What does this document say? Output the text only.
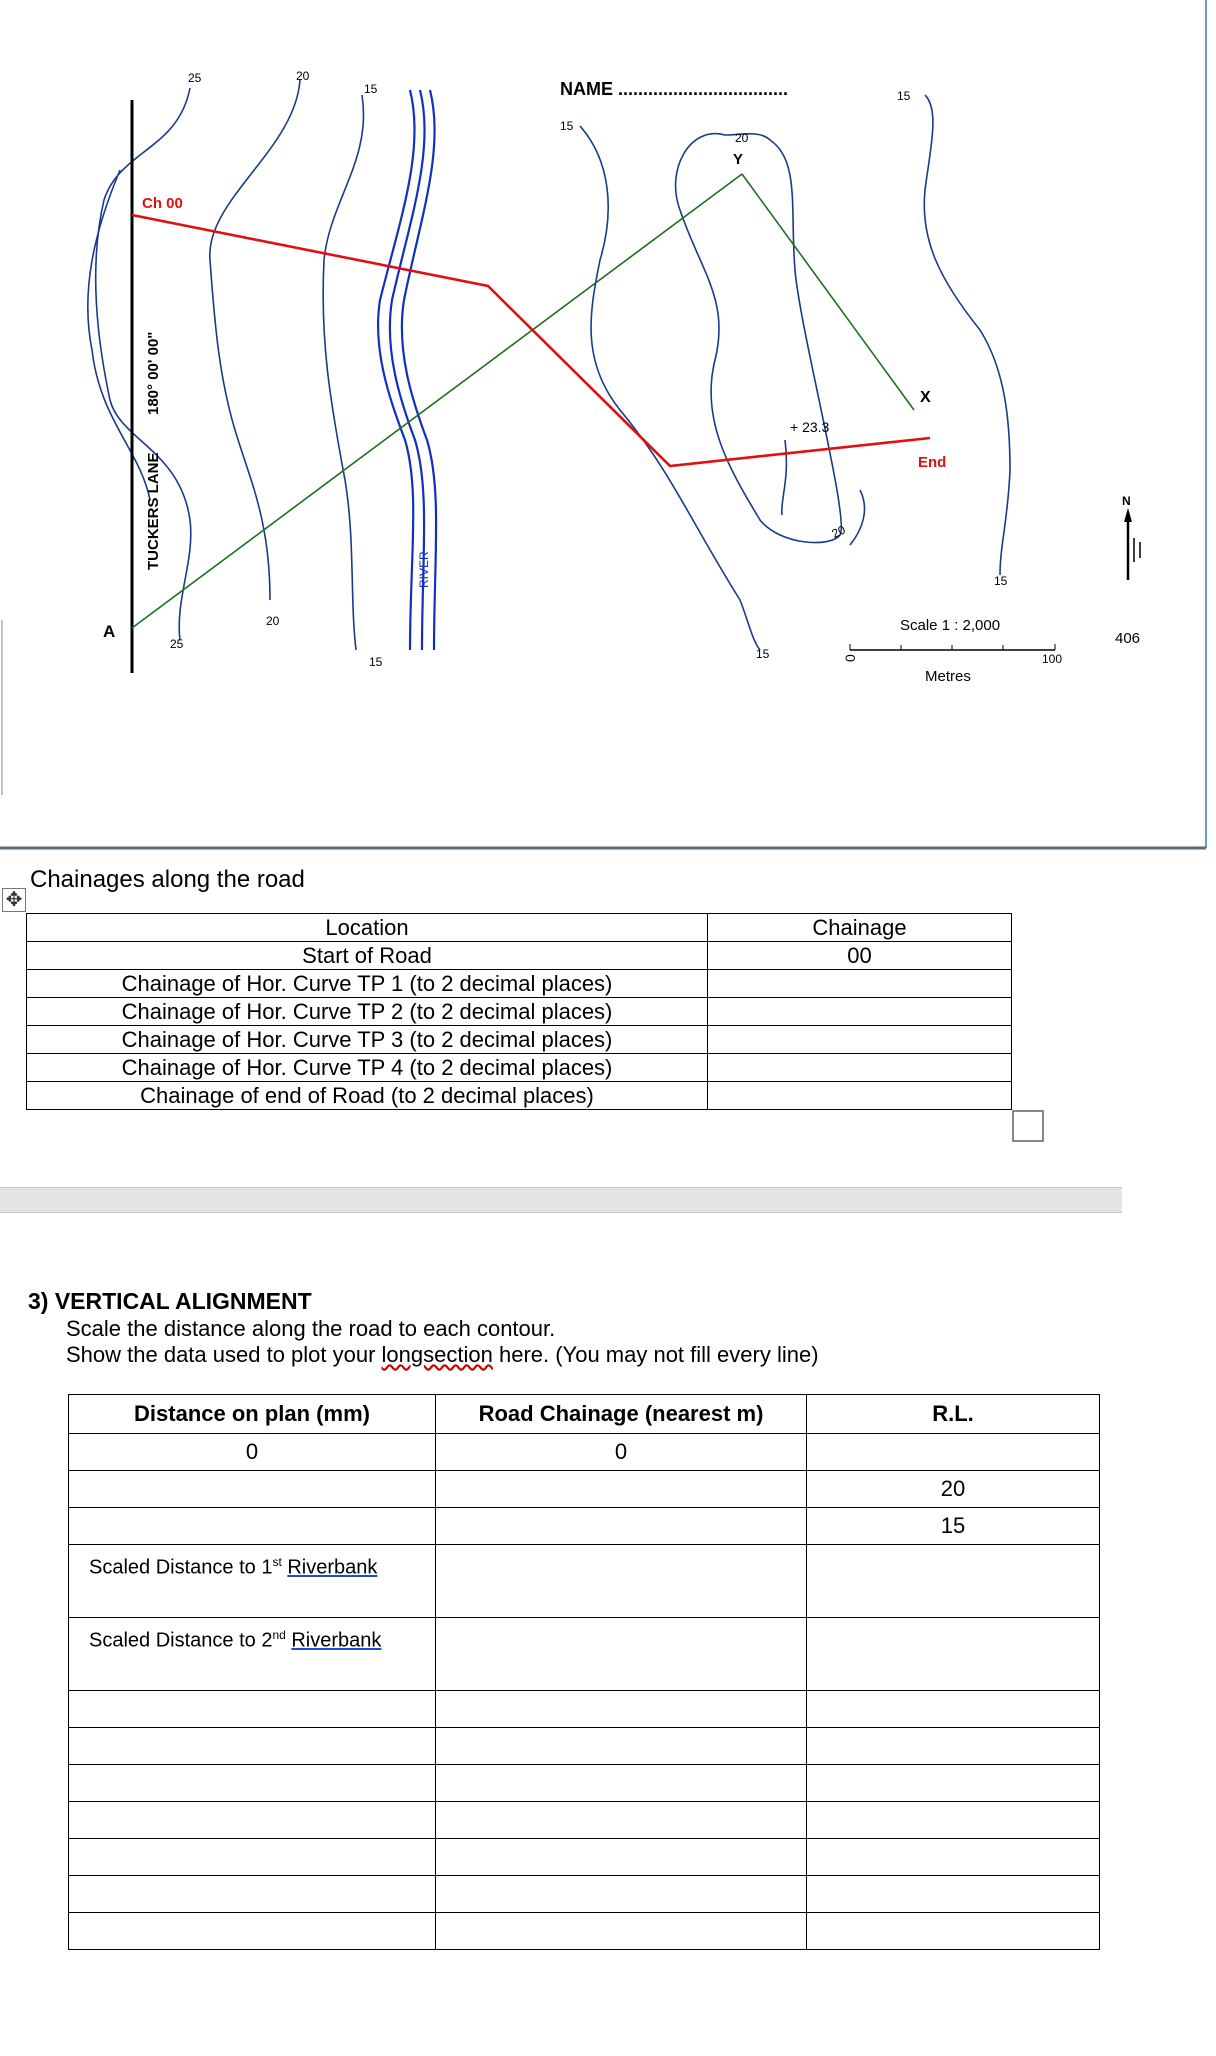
NAME ..................................
Ch 00
TUCKERS LANE
180° 00' 00"
A
Y
X
End
+ 23.3
RIVER
Scale 1 : 2,000
Metres
0	100
N
406
25	20
15
15
20
15
25
20
15
15
20
15
✥
Chainages along the road
Location	Chainage
Start of Road	00
Chainage of Hor. Curve TP 1 (to 2 decimal places)	
Chainage of Hor. Curve TP 2 (to 2 decimal places)	
Chainage of Hor. Curve TP 3 (to 2 decimal places)	
Chainage of Hor. Curve TP 4 (to 2 decimal places)	
Chainage of end of Road (to 2 decimal places)	
3) VERTICAL ALIGNMENT
Scale the distance along the road to each contour.
Show the data used to plot your longsection here. (You may not fill every line)
Distance on plan (mm)	Road Chainage (nearest m)	R.L.
0	0	
		20
		15

Scaled Distance to 1st Riverbank		

Scaled Distance to 2nd Riverbank		
